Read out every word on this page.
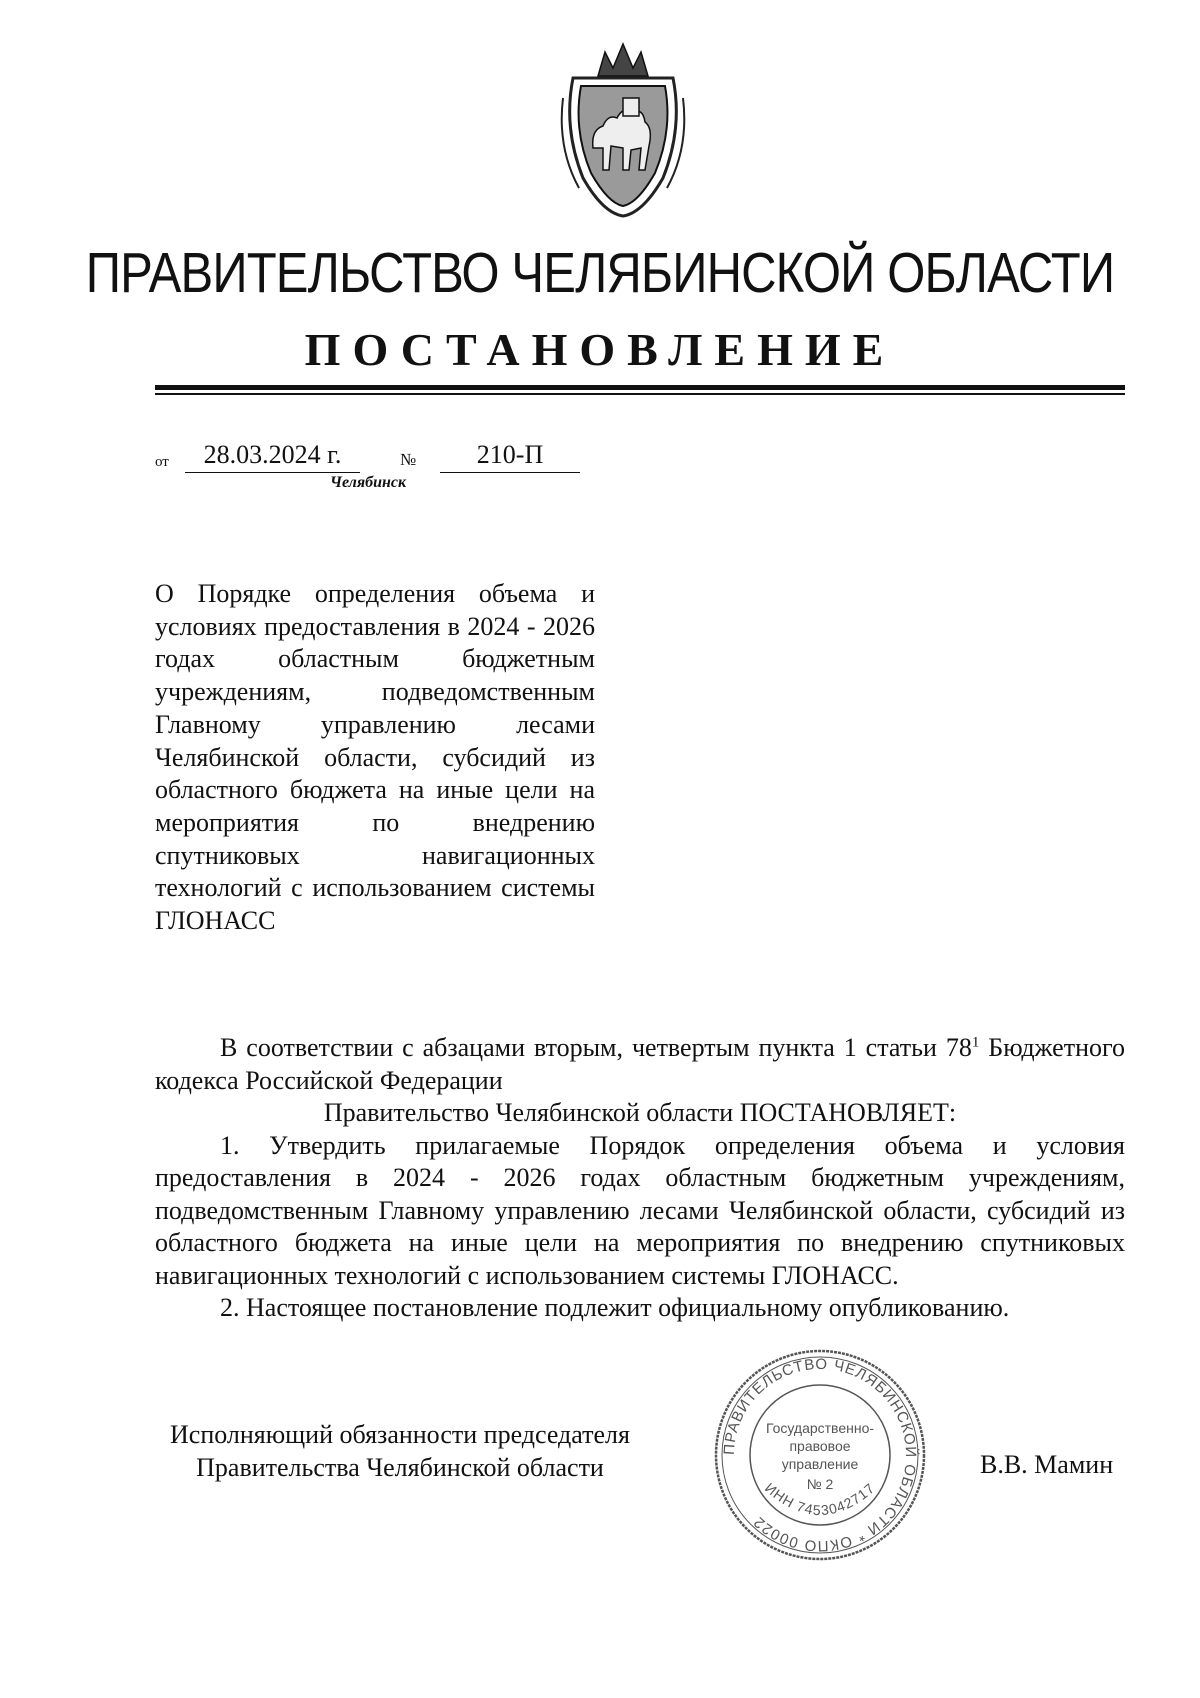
ПРАВИТЕЛЬСТВО ЧЕЛЯБИНСКОЙ ОБЛАСТИ
ПОСТАНОВЛЕНИЕ
от	28.03.2024 г.	№	210-П
Челябинск
О Порядке определения объема и условиях предоставления в 2024 - 2026 годах областным бюджетным учреждениям, подведомственным Главному управлению лесами Челябинской области, субсидий из областного бюджета на иные цели на мероприятия по внедрению спутниковых навигационных технологий с использованием системы ГЛОНАСС

В соответствии с абзацами вторым, четвертым пункта 1 статьи $78^1$ Бюджетного кодекса Российской Федерации

Правительство Челябинской области ПОСТАНОВЛЯЕТ:

1. Утвердить прилагаемые Порядок определения объема и условия предоставления в 2024 - 2026 годах областным бюджетным учреждениям, подведомственным Главному управлению лесами Челябинской области, субсидий из областного бюджета на иные цели на мероприятия по внедрению спутниковых навигационных технологий с использованием системы ГЛОНАСС.

2. Настоящее постановление подлежит официальному опубликованию.

Исполняющий обязанности председателя
Правительства Челябинской области	В.В. Мамин
ПРАВИТЕЛЬСТВО ЧЕЛЯБИНСКОЙ ОБЛАСТИ * ОКПО 00022
ИНН 7453042717
Государственно-
правовое
управление
№ 2
